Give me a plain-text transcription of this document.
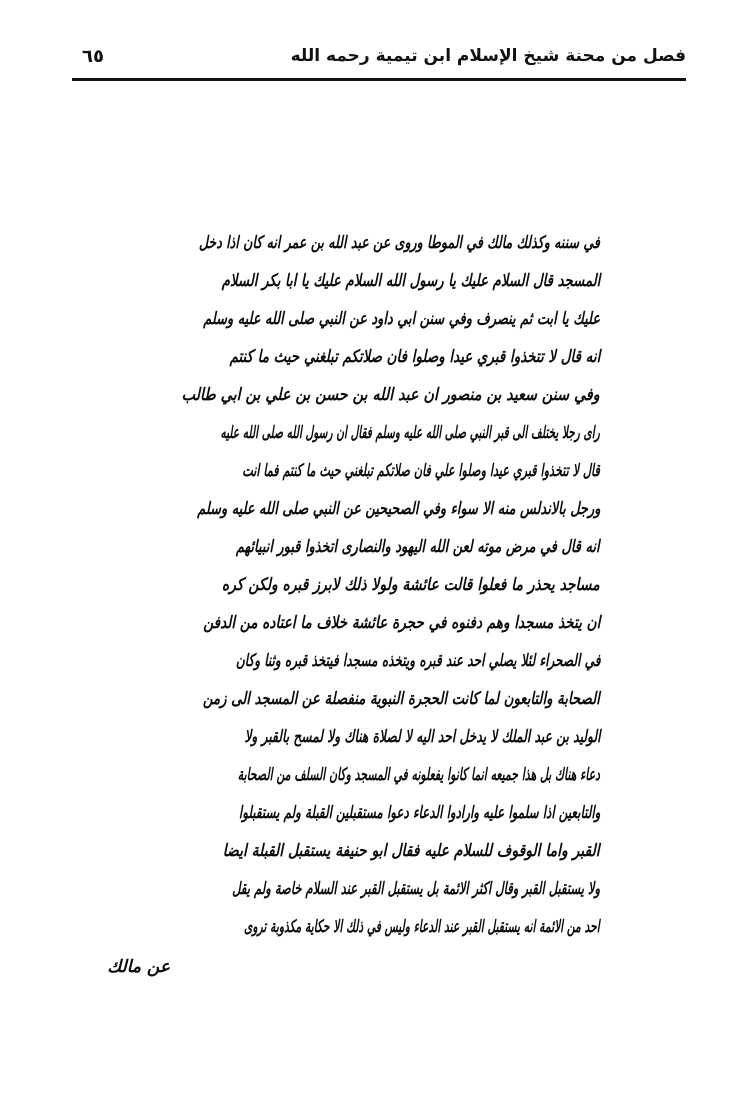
فصل من محنة شيخ الإسلام ابن تيمية رحمه الله
٦٥
في سننه وكذلك مالك في الموطا وروى عن عبد الله بن عمر انه كان اذا دخل
المسجد قال السلام عليك يا رسول الله السلام عليك يا ابا بكر السلام
عليك يا ابت ثم ينصرف وفي سنن ابي داود عن النبي صلى الله عليه وسلم
انه قال لا تتخذوا قبري عيدا وصلوا فان صلاتكم تبلغني حيث ما كنتم
وفي سنن سعيد بن منصور ان عبد الله بن حسن بن علي بن ابي طالب
راى رجلا يختلف الى قبر النبي صلى الله عليه وسلم فقال ان رسول الله صلى الله عليه
قال لا تتخذوا قبري عيدا وصلوا علي فان صلاتكم تبلغني حيث ما كنتم فما انت
ورجل بالاندلس منه الا سواء وفي الصحيحين عن النبي صلى الله عليه وسلم
انه قال في مرض موته لعن الله اليهود والنصارى اتخذوا قبور انبيائهم
مساجد يحذر ما فعلوا قالت عائشة ولولا ذلك لابرز قبره ولكن كره
ان يتخذ مسجدا وهم دفنوه في حجرة عائشة خلاف ما اعتاده من الدفن
في الصحراء لئلا يصلي احد عند قبره ويتخذه مسجدا فيتخذ قبره وثنا وكان
الصحابة والتابعون لما كانت الحجرة النبوية منفصلة عن المسجد الى زمن
الوليد بن عبد الملك لا يدخل احد اليه لا لصلاة هناك ولا لمسح بالقبر ولا
دعاء هناك بل هذا جميعه انما كانوا يفعلونه في المسجد وكان السلف من الصحابة
والتابعين اذا سلموا عليه وارادوا الدعاء دعوا مستقبلين القبلة ولم يستقبلوا
القبر واما الوقوف للسلام عليه فقال ابو حنيفة يستقبل القبلة ايضا
ولا يستقبل القبر وقال اكثر الائمة بل يستقبل القبر عند السلام خاصة ولم يقل
احد من الائمة انه يستقبل القبر عند الدعاء وليس في ذلك الا حكاية مكذوبة تروى
عن مالك
